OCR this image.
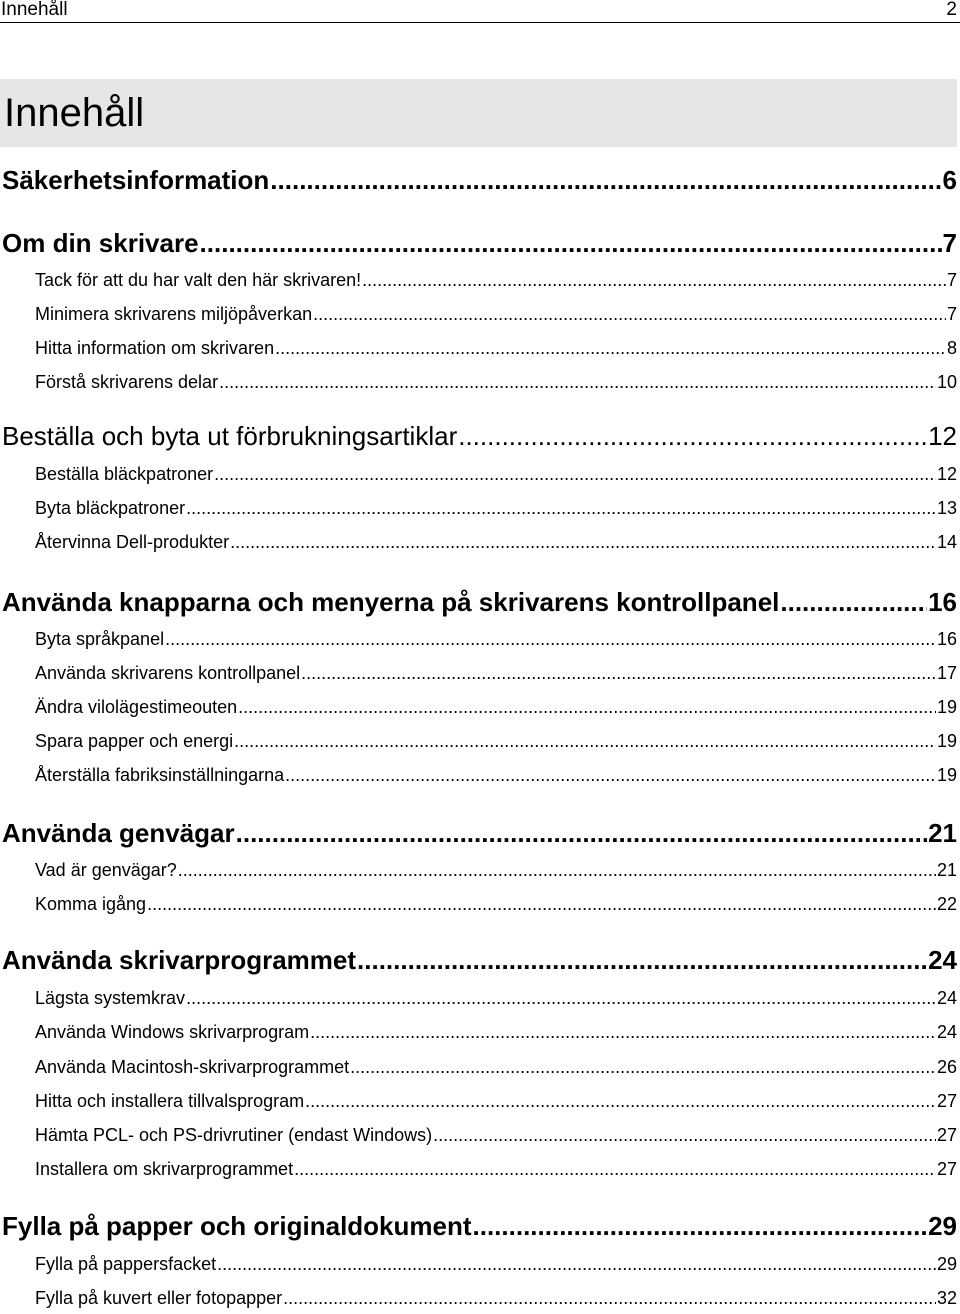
Innehåll	2
Innehåll
Säkerhetsinformation .....	6
Om din skrivare .....	7
Tack för att du har valt den här skrivaren! .....	7
Minimera skrivarens miljöpåverkan .....	7
Hitta information om skrivaren .....	8
Förstå skrivarens delar .....	10
Beställa och byta ut förbrukningsartiklar .....	12
Beställa bläckpatroner .....	12
Byta bläckpatroner .....	13
Återvinna Dell-produkter .....	14
Använda knapparna och menyerna på skrivarens kontrollpanel .....	16
Byta språkpanel .....	16
Använda skrivarens kontrollpanel .....	17
Ändra vilolägestimeouten .....	19
Spara papper och energi .....	19
Återställa fabriksinställningarna .....	19
Använda genvägar .....	21
Vad är genvägar? .....	21
Komma igång .....	22
Använda skrivarprogrammet .....	24
Lägsta systemkrav .....	24
Använda Windows skrivarprogram .....	24
Använda Macintosh-skrivarprogrammet .....	26
Hitta och installera tillvalsprogram .....	27
Hämta PCL- och PS-drivrutiner (endast Windows) .....	27
Installera om skrivarprogrammet .....	27
Fylla på papper och originaldokument .....	29
Fylla på pappersfacket .....	29
Fylla på kuvert eller fotopapper .....	32
